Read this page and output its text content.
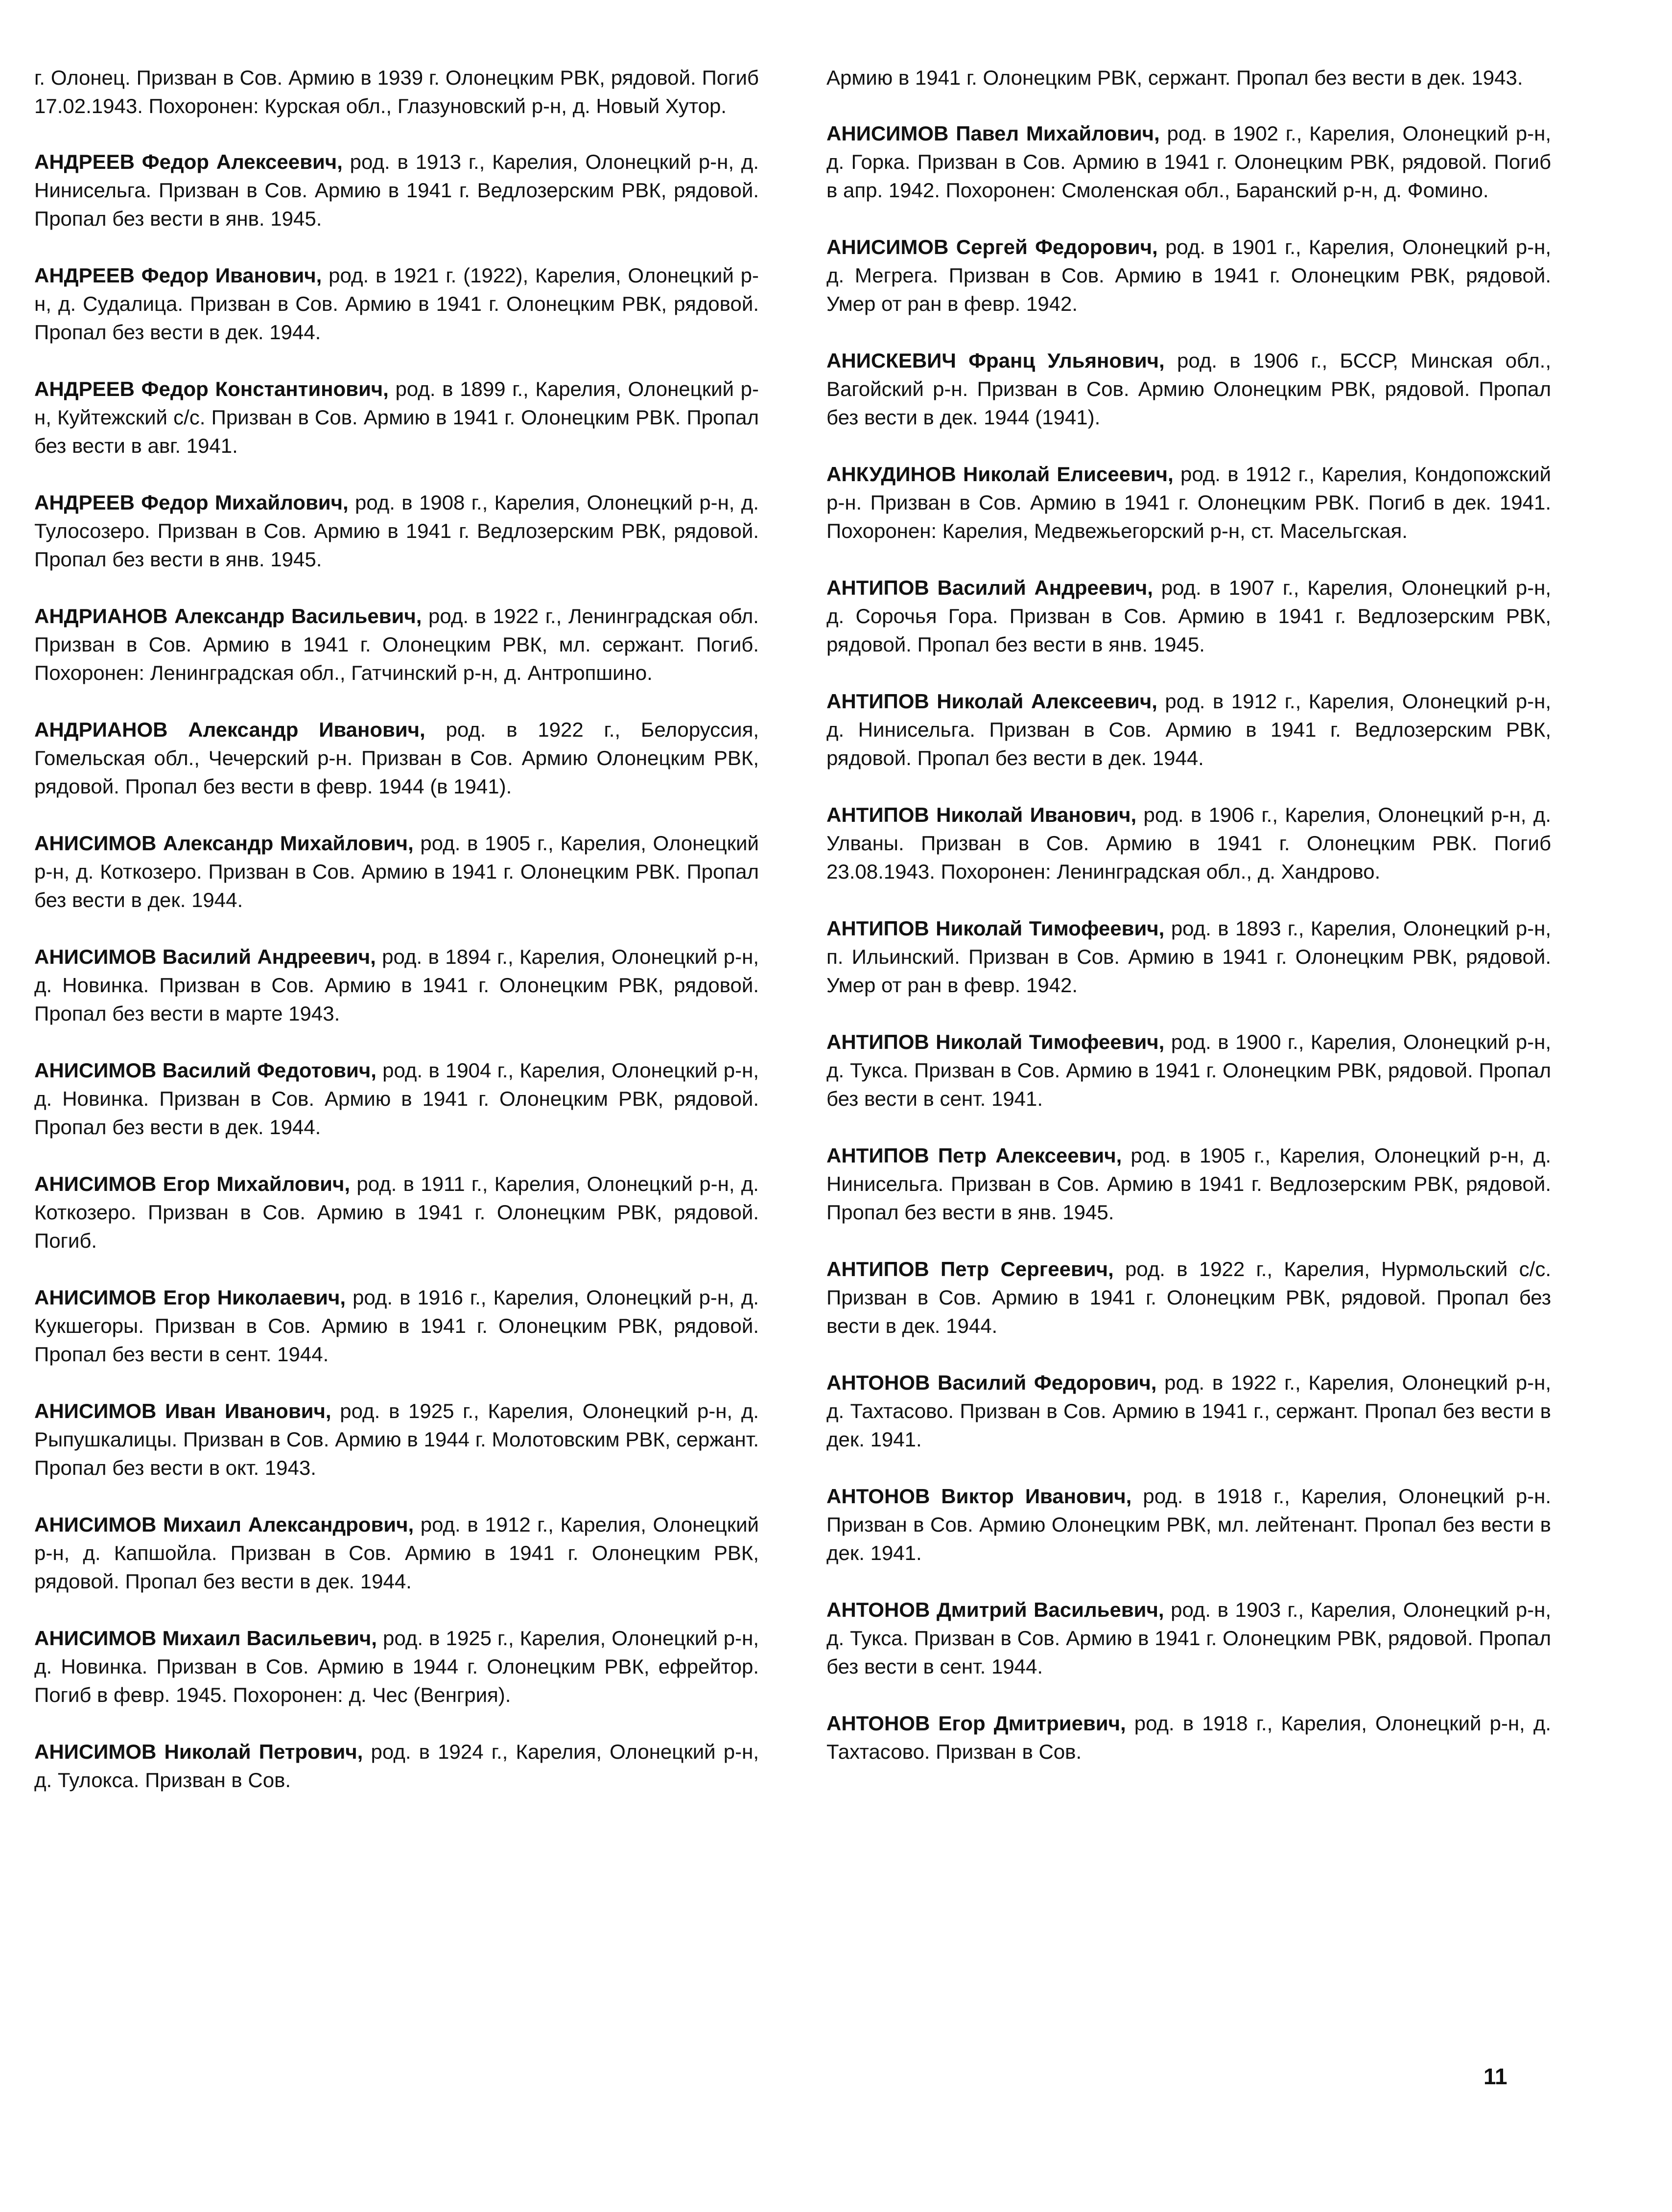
г. Олонец. Призван в Сов. Армию в 1939 г. Олонецким РВК, рядовой. Погиб 17.02.1943. Похоронен: Курская обл., Глазуновский р-н, д. Новый Хутор.

АНДРЕЕВ Федор Алексеевич, род. в 1913 г., Карелия, Олонецкий р-н, д. Нинисельга. Призван в Сов. Армию в 1941 г. Ведлозерским РВК, рядовой. Пропал без вести в янв. 1945.

АНДРЕЕВ Федор Иванович, род. в 1921 г. (1922), Карелия, Олонецкий р-н, д. Судалица. Призван в Сов. Армию в 1941 г. Олонецким РВК, рядовой. Пропал без вести в дек. 1944.

АНДРЕЕВ Федор Константинович, род. в 1899 г., Карелия, Олонецкий р-н, Куйтежский с/с. Призван в Сов. Армию в 1941 г. Олонецким РВК. Пропал без вести в авг. 1941.

АНДРЕЕВ Федор Михайлович, род. в 1908 г., Карелия, Олонецкий р-н, д. Тулосозеро. Призван в Сов. Армию в 1941 г. Ведлозерским РВК, рядовой. Пропал без вести в янв. 1945.

АНДРИАНОВ Александр Васильевич, род. в 1922 г., Ленинградская обл. Призван в Сов. Армию в 1941 г. Олонецким РВК, мл. сержант. Погиб. Похоронен: Ленинградская обл., Гатчинский р-н, д. Антропшино.

АНДРИАНОВ Александр Иванович, род. в 1922 г., Белоруссия, Гомельская обл., Чечерский р-н. Призван в Сов. Армию Олонецким РВК, рядовой. Пропал без вести в февр. 1944 (в 1941).

АНИСИМОВ Александр Михайлович, род. в 1905 г., Карелия, Олонецкий р-н, д. Коткозеро. Призван в Сов. Армию в 1941 г. Олонецким РВК. Пропал без вести в дек. 1944.

АНИСИМОВ Василий Андреевич, род. в 1894 г., Карелия, Олонецкий р-н, д. Новинка. Призван в Сов. Армию в 1941 г. Олонецким РВК, рядовой. Пропал без вести в марте 1943.

АНИСИМОВ Василий Федотович, род. в 1904 г., Карелия, Олонецкий р-н, д. Новинка. Призван в Сов. Армию в 1941 г. Олонецким РВК, рядовой. Пропал без вести в дек. 1944.

АНИСИМОВ Егор Михайлович, род. в 1911 г., Карелия, Олонецкий р-н, д. Коткозеро. Призван в Сов. Армию в 1941 г. Олонецким РВК, рядовой. Погиб.

АНИСИМОВ Егор Николаевич, род. в 1916 г., Карелия, Олонецкий р-н, д. Кукшегоры. Призван в Сов. Армию в 1941 г. Олонецким РВК, рядовой. Пропал без вести в сент. 1944.

АНИСИМОВ Иван Иванович, род. в 1925 г., Карелия, Олонецкий р-н, д. Рыпушкалицы. Призван в Сов. Армию в 1944 г. Молотовским РВК, сержант. Пропал без вести в окт. 1943.

АНИСИМОВ Михаил Александрович, род. в 1912 г., Карелия, Олонецкий р-н, д. Капшойла. Призван в Сов. Армию в 1941 г. Олонецким РВК, рядовой. Пропал без вести в дек. 1944.

АНИСИМОВ Михаил Васильевич, род. в 1925 г., Карелия, Олонецкий р-н, д. Новинка. Призван в Сов. Армию в 1944 г. Олонецким РВК, ефрейтор. Погиб в февр. 1945. Похоронен: д. Чес (Венгрия).

АНИСИМОВ Николай Петрович, род. в 1924 г., Карелия, Олонецкий р-н, д. Тулокса. Призван в Сов.

Армию в 1941 г. Олонецким РВК, сержант. Пропал без вести в дек. 1943.

АНИСИМОВ Павел Михайлович, род. в 1902 г., Карелия, Олонецкий р-н, д. Горка. Призван в Сов. Армию в 1941 г. Олонецким РВК, рядовой. Погиб в апр. 1942. Похоронен: Смоленская обл., Баранский р-н, д. Фомино.

АНИСИМОВ Сергей Федорович, род. в 1901 г., Карелия, Олонецкий р-н, д. Мегрега. Призван в Сов. Армию в 1941 г. Олонецким РВК, рядовой. Умер от ран в февр. 1942.

АНИСКЕВИЧ Франц Ульянович, род. в 1906 г., БССР, Минская обл., Вагойский р-н. Призван в Сов. Армию Олонецким РВК, рядовой. Пропал без вести в дек. 1944 (1941).

АНКУДИНОВ Николай Елисеевич, род. в 1912 г., Карелия, Кондопожский р-н. Призван в Сов. Армию в 1941 г. Олонецким РВК. Погиб в дек. 1941. Похоронен: Карелия, Медвежьегорский р-н, ст. Масельгская.

АНТИПОВ Василий Андреевич, род. в 1907 г., Карелия, Олонецкий р-н, д. Сорочья Гора. Призван в Сов. Армию в 1941 г. Ведлозерским РВК, рядовой. Пропал без вести в янв. 1945.

АНТИПОВ Николай Алексеевич, род. в 1912 г., Карелия, Олонецкий р-н, д. Нинисельга. Призван в Сов. Армию в 1941 г. Ведлозерским РВК, рядовой. Пропал без вести в дек. 1944.

АНТИПОВ Николай Иванович, род. в 1906 г., Карелия, Олонецкий р-н, д. Улваны. Призван в Сов. Армию в 1941 г. Олонецким РВК. Погиб 23.08.1943. Похоронен: Ленинградская обл., д. Хандрово.

АНТИПОВ Николай Тимофеевич, род. в 1893 г., Карелия, Олонецкий р-н, п. Ильинский. Призван в Сов. Армию в 1941 г. Олонецким РВК, рядовой. Умер от ран в февр. 1942.

АНТИПОВ Николай Тимофеевич, род. в 1900 г., Карелия, Олонецкий р-н, д. Тукса. Призван в Сов. Армию в 1941 г. Олонецким РВК, рядовой. Пропал без вести в сент. 1941.

АНТИПОВ Петр Алексеевич, род. в 1905 г., Карелия, Олонецкий р-н, д. Нинисельга. Призван в Сов. Армию в 1941 г. Ведлозерским РВК, рядовой. Пропал без вести в янв. 1945.

АНТИПОВ Петр Сергеевич, род. в 1922 г., Карелия, Нурмольский с/с. Призван в Сов. Армию в 1941 г. Олонецким РВК, рядовой. Пропал без вести в дек. 1944.

АНТОНОВ Василий Федорович, род. в 1922 г., Карелия, Олонецкий р-н, д. Тахтасово. Призван в Сов. Армию в 1941 г., сержант. Пропал без вести в дек. 1941.

АНТОНОВ Виктор Иванович, род. в 1918 г., Карелия, Олонецкий р-н. Призван в Сов. Армию Олонецким РВК, мл. лейтенант. Пропал без вести в дек. 1941.

АНТОНОВ Дмитрий Васильевич, род. в 1903 г., Карелия, Олонецкий р-н, д. Тукса. Призван в Сов. Армию в 1941 г. Олонецким РВК, рядовой. Пропал без вести в сент. 1944.

АНТОНОВ Егор Дмитриевич, род. в 1918 г., Карелия, Олонецкий р-н, д. Тахтасово. Призван в Сов.

11
